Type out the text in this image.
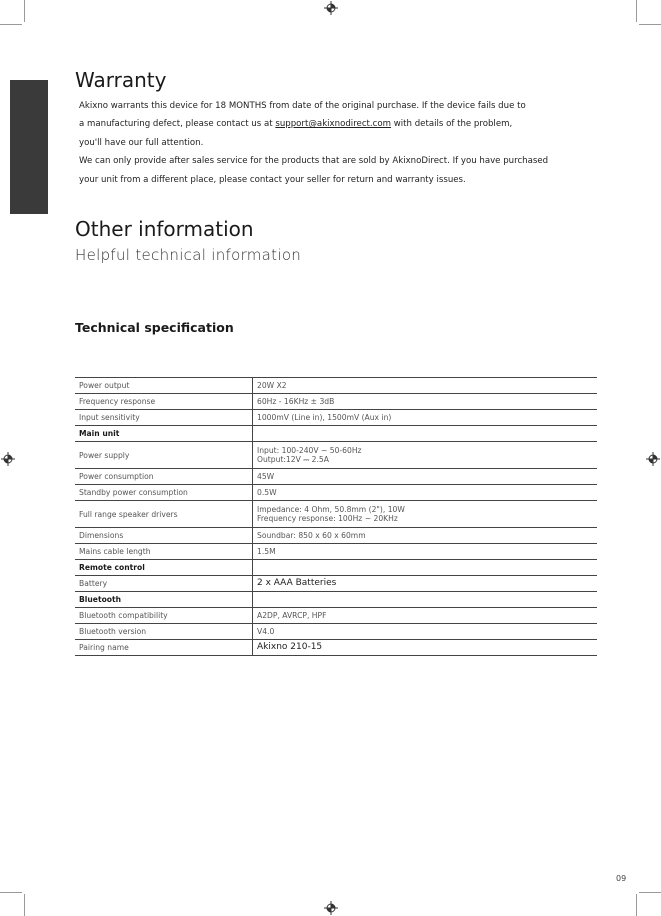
Warranty

Akixno warrants this device for 18 MONTHS from date of the original purchase. If the device fails due to

a manufacturing defect, please contact us at support@akixnodirect.com with details of the problem,

you'll have our full attention.

We can only provide after sales service for the products that are sold by AkixnoDirect. If you have purchased

your unit from a different place, please contact your seller for return and warranty issues.

Other information
Helpful technical information
Technical specification
Power output	20W X2
Frequency response	60Hz - 16KHz ± 3dB
Input sensitivity	1000mV (Line in), 1500mV (Aux in)
Main unit	
Power supply	Input: 100-240V ~ 50-60Hz
Output:12V ⎓ 2.5A

Power consumption	45W
Standby power consumption	0.5W
Full range speaker drivers	Impedance: 4 Ohm, 50.8mm (2"), 10W
Frequency response: 100Hz ~ 20KHz

Dimensions	Soundbar: 850 x 60 x 60mm
Mains cable length	1.5M
Remote control	
Battery	2 x AAA Batteries
Bluetooth	
Bluetooth compatibility	A2DP, AVRCP, HPF
Bluetooth version	V4.0
Pairing name	Akixno 210-15
09
